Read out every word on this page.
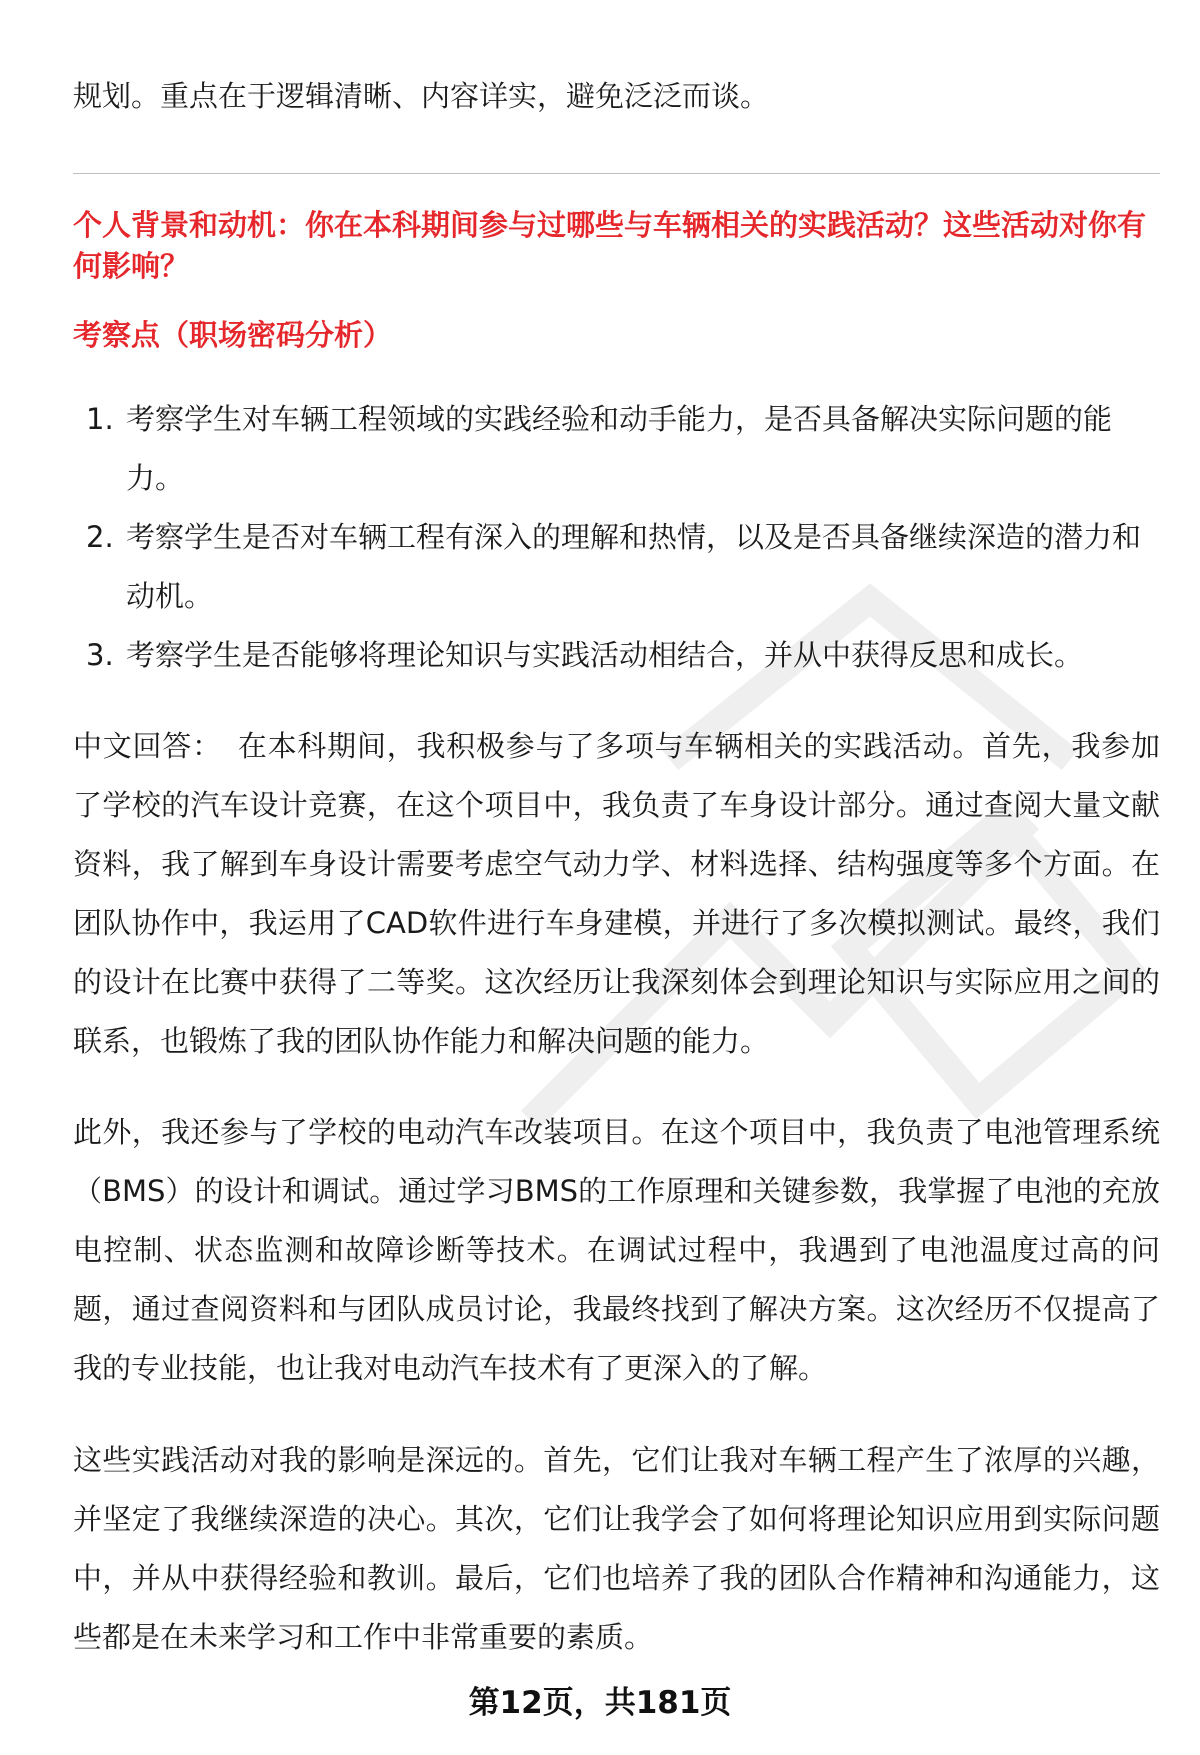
规划。重点在于逻辑清晰、内容详实，避免泛泛而谈。

个人背景和动机：你在本科期间参与过哪些与车辆相关的实践活动？这些活动对你有何影响？
考察点（职场密码分析）
1. 考察学生对车辆工程领域的实践经验和动手能力，是否具备解决实际问题的能力。
2. 考察学生是否对车辆工程有深入的理解和热情，以及是否具备继续深造的潜力和动机。
3. 考察学生是否能够将理论知识与实践活动相结合，并从中获得反思和成长。

中文回答： 在本科期间，我积极参与了多项与车辆相关的实践活动。首先，我参加了学校的汽车设计竞赛，在这个项目中，我负责了车身设计部分。通过查阅大量文献资料，我了解到车身设计需要考虑空气动力学、材料选择、结构强度等多个方面。在团队协作中，我运用了CAD软件进行车身建模，并进行了多次模拟测试。最终，我们的设计在比赛中获得了二等奖。这次经历让我深刻体会到理论知识与实际应用之间的联系，也锻炼了我的团队协作能力和解决问题的能力。

此外，我还参与了学校的电动汽车改装项目。在这个项目中，我负责了电池管理系统（BMS）的设计和调试。通过学习BMS的工作原理和关键参数，我掌握了电池的充放电控制、状态监测和故障诊断等技术。在调试过程中，我遇到了电池温度过高的问题，通过查阅资料和与团队成员讨论，我最终找到了解决方案。这次经历不仅提高了我的专业技能，也让我对电动汽车技术有了更深入的了解。

这些实践活动对我的影响是深远的。首先，它们让我对车辆工程产生了浓厚的兴趣，并坚定了我继续深造的决心。其次，它们让我学会了如何将理论知识应用到实际问题中，并从中获得经验和教训。最后，它们也培养了我的团队合作精神和沟通能力，这些都是在未来学习和工作中非常重要的素质。

第12页，共181页
